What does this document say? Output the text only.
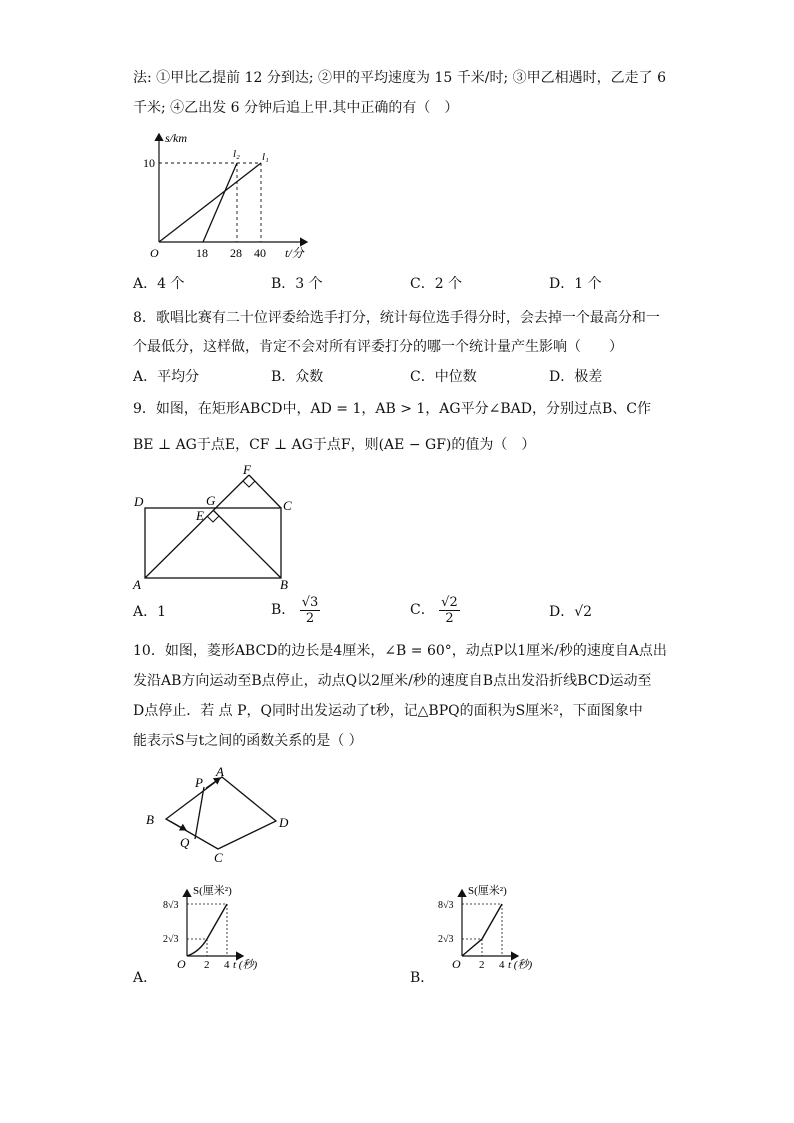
法: ①甲比乙提前 12 分到达; ②甲的平均速度为 15 千米/时; ③甲乙相遇时，乙走了 6
千米; ④乙出发 6 分钟后追上甲.其中正确的有（　）
s/km
t/分
O
10
18 28 40
l₂ l₁
A．4 个	B．3 个	C．2 个	D．1 个
8．歌唱比赛有二十位评委给选手打分，统计每位选手得分时，会去掉一个最高分和一
个最低分，这样做，肯定不会对所有评委打分的哪一个统计量产生影响（　　）
A．平均分	B．众数	C．中位数	D．极差
9．如图，在矩形ABCD中，AD = 1，AB > 1，AG平分∠BAD，分别过点B、C作
BE ⊥ AG于点E，CF ⊥ AG于点F，则(AE − GF)的值为（　）
D	G
E
C
F
A	B
A．1	B． $\frac{√3}{2}$	C． $\frac{√2}{2}$	D．√2
10．如图，菱形ABCD的边长是4厘米，∠B = 60°，动点P以1厘米/秒的速度自A点出
发沿AB方向运动至B点停止，动点Q以2厘米/秒的速度自B点出发沿折线BCD运动至
D点停止．若 点 P，Q同时出发运动了t秒，记△BPQ的面积为S厘米²，下面图象中
能表示S与t之间的函数关系的是（ ）
A
P
B
Q
C
D
A．
S(厘米²)
t (秒)
O
8√3
2√3
2 4
B．
S(厘米²)
t (秒)
O
8√3
2√3
2 4
